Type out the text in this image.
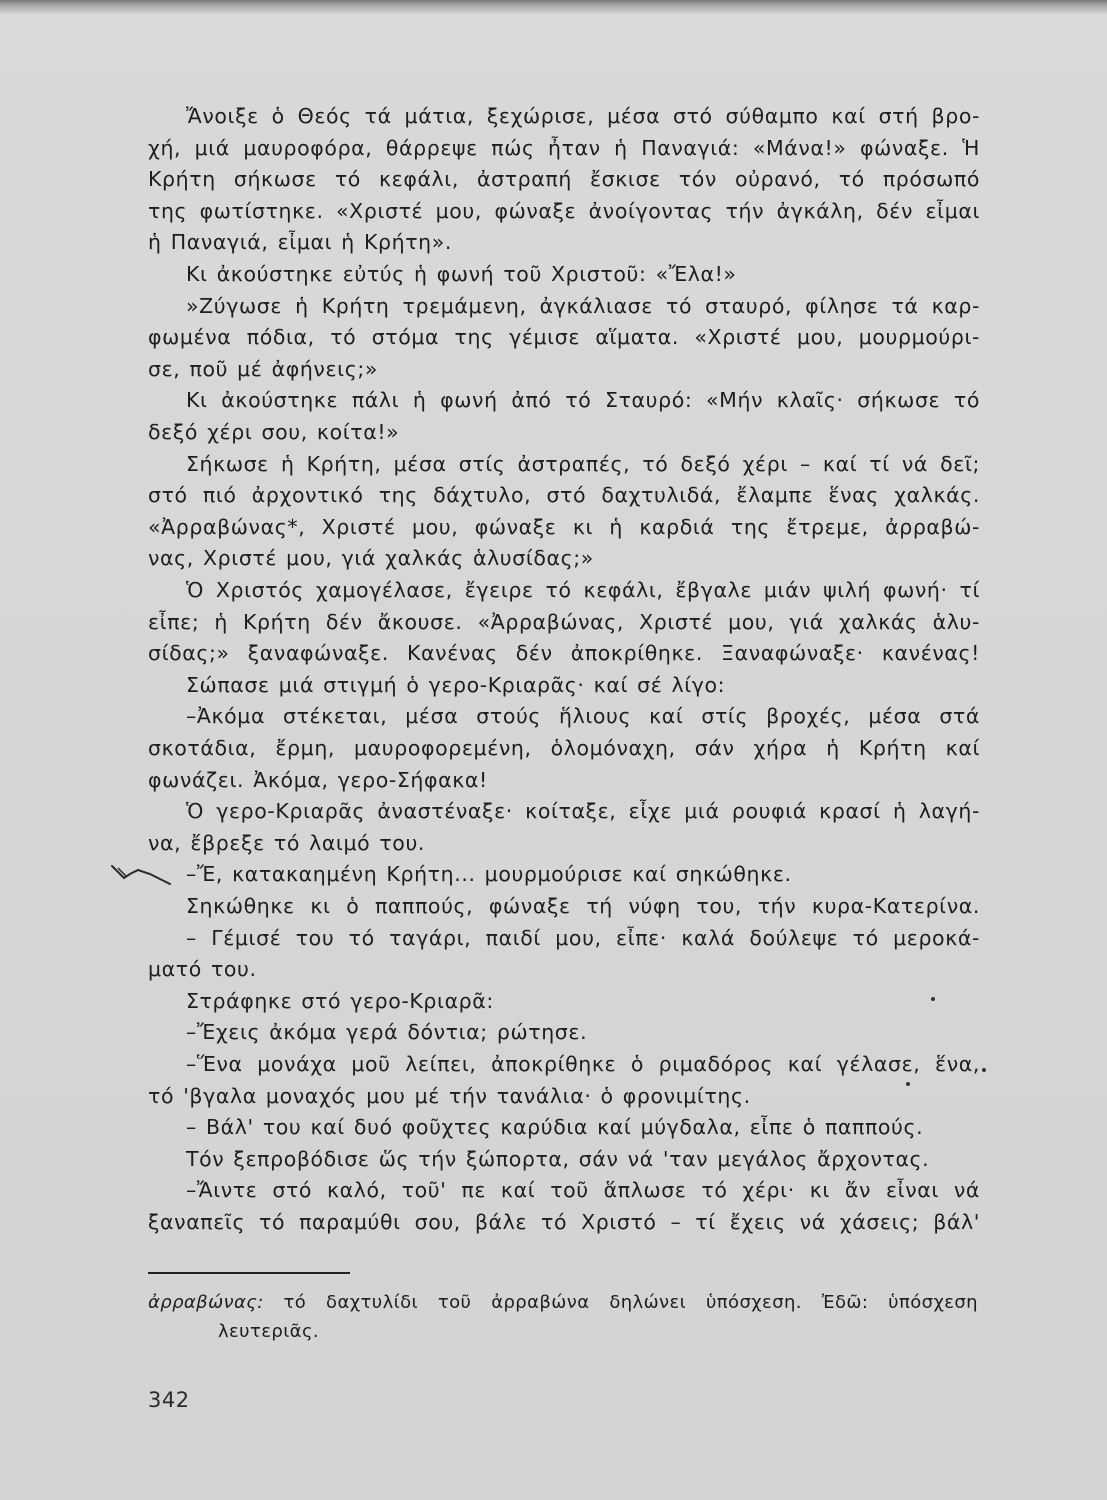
Ἄνοιξε ὁ Θεός τά μάτια, ξεχώρισε, μέσα στό σύθαμπο καί στή βρο-
χή, μιά μαυροφόρα, θάρρεψε πώς ἦταν ἡ Παναγιά: «Μάνα!» φώναξε. Ἡ
Κρήτη σήκωσε τό κεφάλι, ἀστραπή ἔσκισε τόν οὐρανό, τό πρόσωπό
της φωτίστηκε. «Χριστέ μου, φώναξε ἀνοίγοντας τήν ἀγκάλη, δέν εἶμαι
ἡ Παναγιά, εἶμαι ἡ Κρήτη».
Κι ἀκούστηκε εὐτύς ἡ φωνή τοῦ Χριστοῦ: «Ἔλα!»
»Ζύγωσε ἡ Κρήτη τρεμάμενη, ἀγκάλιασε τό σταυρό, φίλησε τά καρ-
φωμένα πόδια, τό στόμα της γέμισε αἵματα. «Χριστέ μου, μουρμούρι-
σε, ποῦ μέ ἀφήνεις;»
Κι ἀκούστηκε πάλι ἡ φωνή ἀπό τό Σταυρό: «Μήν κλαῖς· σήκωσε τό
δεξό χέρι σου, κοίτα!»
Σήκωσε ἡ Κρήτη, μέσα στίς ἀστραπές, τό δεξό χέρι – καί τί νά δεῖ;
στό πιό ἀρχοντικό της δάχτυλο, στό δαχτυλιδά, ἔλαμπε ἕνας χαλκάς.
«Ἀρραβώνας*, Χριστέ μου, φώναξε κι ἡ καρδιά της ἔτρεμε, ἀρραβώ-
νας, Χριστέ μου, γιά χαλκάς ἁλυσίδας;»
Ὁ Χριστός χαμογέλασε, ἔγειρε τό κεφάλι, ἔβγαλε μιάν ψιλή φωνή· τί
εἶπε; ἡ Κρήτη δέν ἄκουσε. «Ἀρραβώνας, Χριστέ μου, γιά χαλκάς ἁλυ-
σίδας;» ξαναφώναξε. Κανένας δέν ἀποκρίθηκε. Ξαναφώναξε· κανένας!
Σώπασε μιά στιγμή ὁ γερο-Κριαρᾶς· καί σέ λίγο:
–Ἀκόμα στέκεται, μέσα στούς ἥλιους καί στίς βροχές, μέσα στά
σκοτάδια, ἔρμη, μαυροφορεμένη, ὁλομόναχη, σάν χήρα ἡ Κρήτη καί
φωνάζει. Ἀκόμα, γερο-Σήφακα!
Ὁ γερο-Κριαρᾶς ἀναστέναξε· κοίταξε, εἶχε μιά ρουφιά κρασί ἡ λαγή-
να, ἔβρεξε τό λαιμό του.
–Ἔ, κατακαημένη Κρήτη... μουρμούρισε καί σηκώθηκε.
Σηκώθηκε κι ὁ παππούς, φώναξε τή νύφη του, τήν κυρα-Κατερίνα.
– Γέμισέ του τό ταγάρι, παιδί μου, εἶπε· καλά δούλεψε τό μεροκά-
ματό του.
Στράφηκε στό γερο-Κριαρᾶ:
–Ἔχεις ἀκόμα γερά δόντια; ρώτησε.
–Ἕνα μονάχα μοῦ λείπει, ἀποκρίθηκε ὁ ριμαδόρος καί γέλασε, ἕνα,
τό 'βγαλα μοναχός μου μέ τήν τανάλια· ὁ φρονιμίτης.
– Βάλ' του καί δυό φοῦχτες καρύδια καί μύγδαλα, εἶπε ὁ παππούς.
Τόν ξεπροβόδισε ὥς τήν ξώπορτα, σάν νά 'ταν μεγάλος ἄρχοντας.
–Ἄιντε στό καλό, τοῦ' πε καί τοῦ ἅπλωσε τό χέρι· κι ἄν εἶναι νά
ξαναπεῖς τό παραμύθι σου, βάλε τό Χριστό – τί ἔχεις νά χάσεις; βάλ'
ἀρραβώνας: τό δαχτυλίδι τοῦ ἀρραβώνα δηλώνει ὑπόσχεση. Ἐδῶ: ὑπόσχεση
λευτεριᾶς.
342
